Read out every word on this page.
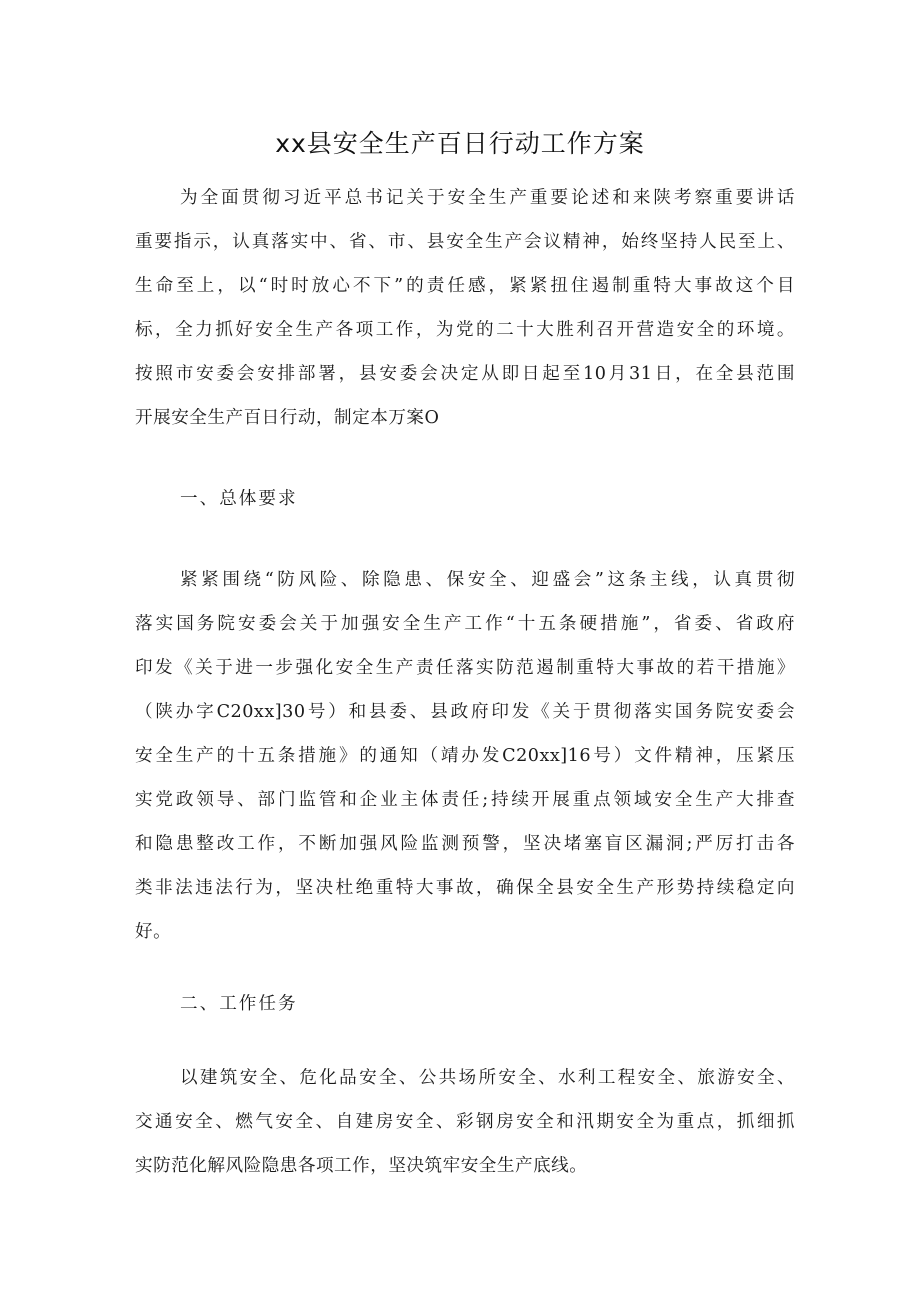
xx县安全生产百日行动工作方案
为全面贯彻习近平总书记关于安全生产重要论述和来陕考察重要讲话
重要指示，认真落实中、省、市、县安全生产会议精神，始终坚持人民至上、
生命至上，以“时时放心不下”的责任感，紧紧扭住遏制重特大事故这个目
标，全力抓好安全生产各项工作，为党的二十大胜利召开营造安全的环境。
按照市安委会安排部署，县安委会决定从即日起至10月31日，在全县范围
开展安全生产百日行动，制定本万案O
一、总体要求
紧紧围绕“防风险、除隐患、保安全、迎盛会”这条主线，认真贯彻
落实国务院安委会关于加强安全生产工作“十五条硬措施”，省委、省政府
印发《关于进一步强化安全生产责任落实防范遏制重特大事故的若干措施》
（陕办字C20xx]30号）和县委、县政府印发《关于贯彻落实国务院安委会
安全生产的十五条措施》的通知（靖办发C20xx]16号）文件精神，压紧压
实党政领导、部门监管和企业主体责任;持续开展重点领域安全生产大排查
和隐患整改工作，不断加强风险监测预警，坚决堵塞盲区漏洞;严厉打击各
类非法违法行为，坚决杜绝重特大事故，确保全县安全生产形势持续稳定向
好。
二、工作任务
以建筑安全、危化品安全、公共场所安全、水利工程安全、旅游安全、
交通安全、燃气安全、自建房安全、彩钢房安全和汛期安全为重点，抓细抓
实防范化解风险隐患各项工作，坚决筑牢安全生产底线。
